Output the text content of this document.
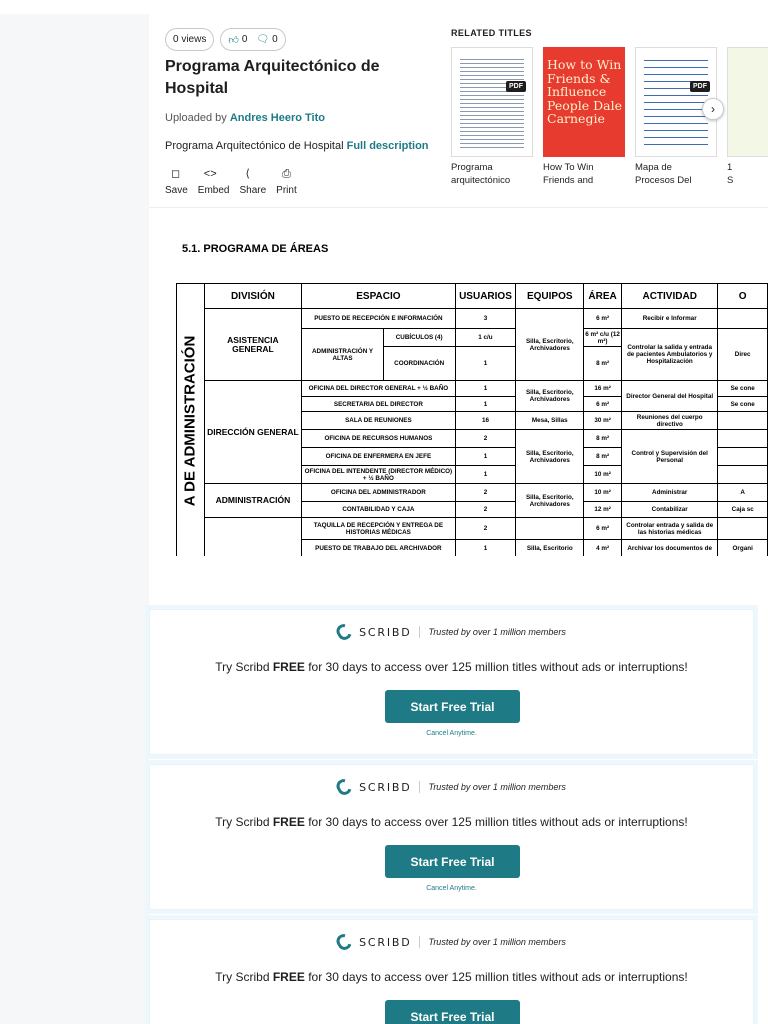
0 views 👍︎ 0 🗨︎ 0
Programa Arquitectónico de Hospital
Uploaded by Andres Heero Tito
Programa Arquitectónico de Hospital Full description
◻
Save
<>
Embed
⟨
Share
⎙
Print
RELATED TITLES
PDF
Programa
arquitectónico
How to Win Friends & Influence People Dale Carnegie
How To Win
Friends and
PDF
Mapa de
Procesos Del
1
S
›
5.1. PROGRAMA DE ÁREAS
A DE ADMINISTRACIÓN	DIVISIÓN	ESPACIO		USUARIOS	EQUIPOS	ÁREA	ACTIVIDAD	O
	ASISTENCIA GENERAL	PUESTO DE RECEPCIÓN E INFORMACIÓN		3	Silla, Escritorio, Archivadores	6 m²	Recibir e Informar	
		ADMINISTRACIÓN Y ALTAS	CUBÍCULOS (4)	1 c/u		6 m² c/u (12 m²)	Controlar la salida y entrada de pacientes Ambulatorios y Hospitalización	Direc
			COORDINACIÓN	1		8 m²		
	DIRECCIÓN GENERAL	OFICINA DEL DIRECTOR GENERAL + ½ BAÑO		1	Silla, Escritorio, Archivadores	16 m²	Director General del Hospital	Se cone
		SECRETARIA DEL DIRECTOR		1		6 m²		Se cone
		SALA DE REUNIONES		16	Mesa, Sillas	30 m²	Reuniones del cuerpo directivo	
		OFICINA DE RECURSOS HUMANOS		2	Silla, Escritorio, Archivadores	8 m²	Control y Supervisión del Personal	
		OFICINA DE ENFERMERA EN JEFE		1		8 m²		
		OFICINA DEL INTENDENTE (DIRECTOR MÉDICO) + ½ BAÑO		1		10 m²		
	ADMINISTRACIÓN	OFICINA DEL ADMINISTRADOR		2	Silla, Escritorio, Archivadores	10 m²	Administrar	A
		CONTABILIDAD Y CAJA		2		12 m²	Contabilizar	Caja sc
		TAQUILLA DE RECEPCIÓN Y ENTREGA DE HISTORIAS MÉDICAS		2		6 m²	Controlar entrada y salida de las historias médicas	
		PUESTO DE TRABAJO DEL ARCHIVADOR		1	Silla, Escritorio	4 m²	Archivar los documentos de	Organi
SCRIBD Trusted by over 1 million members
Try Scribd FREE for 30 days to access over 125 million titles without ads or interruptions!
Start Free Trial
Cancel Anytime.
SCRIBD Trusted by over 1 million members
Try Scribd FREE for 30 days to access over 125 million titles without ads or interruptions!
Start Free Trial
Cancel Anytime.
SCRIBD Trusted by over 1 million members
Try Scribd FREE for 30 days to access over 125 million titles without ads or interruptions!
Start Free Trial
